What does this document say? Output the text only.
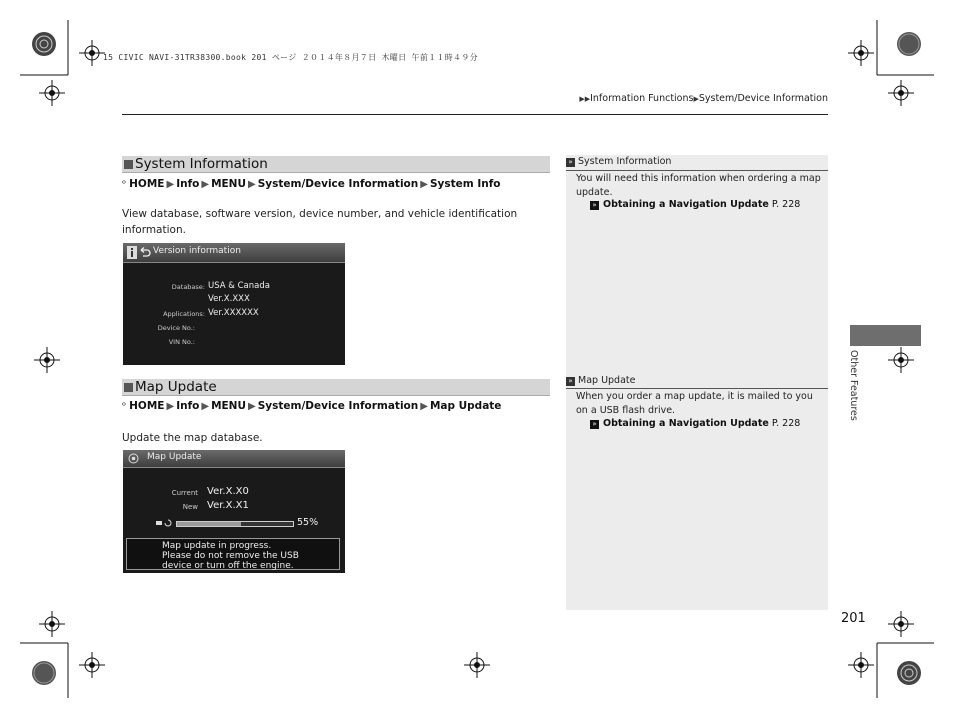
15 CIVIC NAVI-31TR38300.book 201 ページ ２０１４年８月７日 木曜日 午前１１時４９分
▶▶Information Functions▶System/Device Information
System Information
ᵒ HOME ▶ Info ▶ MENU ▶ System/Device Information ▶ System Info
View database, software version, device number, and vehicle identification information.
Version information
Database: USA & Canada
Ver.X.XXX
Applications: Ver.XXXXXX
Device No.:
VIN No.:
Map Update
ᵒ HOME ▶ Info ▶ MENU ▶ System/Device Information ▶ Map Update
Update the map database.
Map Update
Current Ver.X.X0
New Ver.X.X1
55%
Map update in progress.
Please do not remove the USB
device or turn off the engine.
» System Information
You will need this information when ordering a map update.
» Obtaining a Navigation Update P. 228
» Map Update
When you order a map update, it is mailed to you on a USB flash drive.
» Obtaining a Navigation Update P. 228
Other Features
201
